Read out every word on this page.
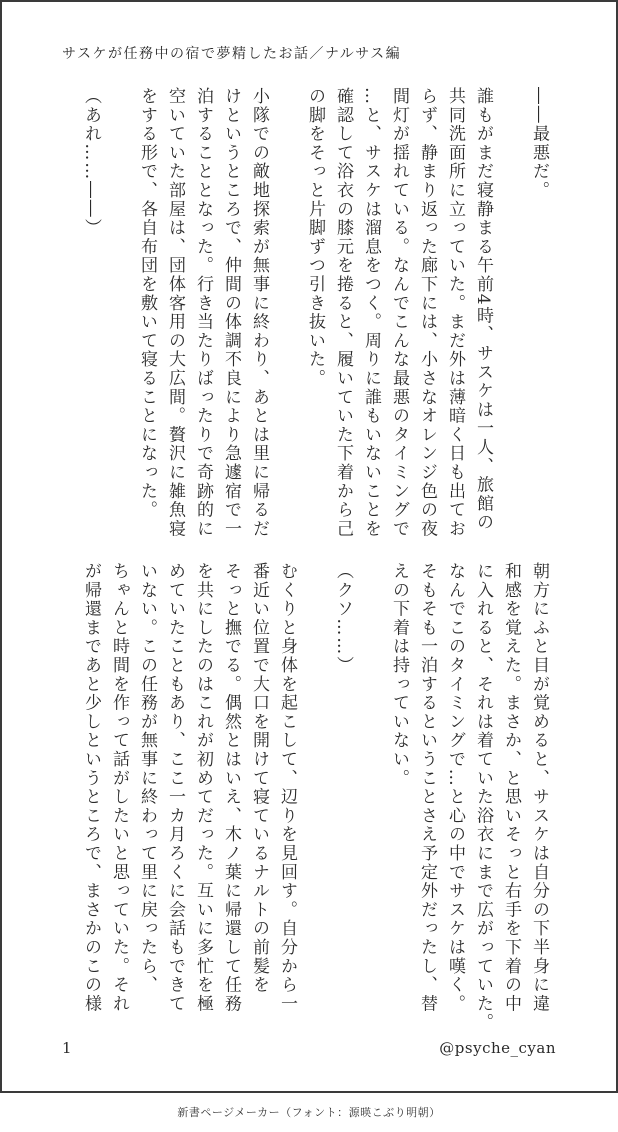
サスケが任務中の宿で夢精したお話／ナルサス編
――最悪だ。

誰もがまだ寝静まる午前4時、サスケは一人、旅館の
共同洗面所に立っていた。まだ外は薄暗く日も出てお
らず、静まり返った廊下には、小さなオレンジ色の夜
間灯が揺れている。なんでこんな最悪のタイミングで
…と、サスケは溜息をつく。周りに誰もいないことを
確認して浴衣の膝元を捲ると、履いていた下着から己
の脚をそっと片脚ずつ引き抜いた。

小隊での敵地探索が無事に終わり、あとは里に帰るだ
けというところで、仲間の体調不良により急遽宿で一
泊することとなった。行き当たりばったりで奇跡的に
空いていた部屋は、団体客用の大広間。贅沢に雑魚寝
をする形で、各自布団を敷いて寝ることになった。

（あれ……――）
朝方にふと目が覚めると、サスケは自分の下半身に違
和感を覚えた。まさか、と思いそっと右手を下着の中
に入れると、それは着ていた浴衣にまで広がっていた。
なんでこのタイミングで…と心の中でサスケは嘆く。
そもそも一泊するということさえ予定外だったし、替
えの下着は持っていない。

（クソ……）

むくりと身体を起こして、辺りを見回す。自分から一
番近い位置で大口を開けて寝ているナルトの前髪を
そっと撫でる。偶然とはいえ、木ノ葉に帰還して任務
を共にしたのはこれが初めてだった。互いに多忙を極
めていたこともあり、ここ一カ月ろくに会話もできて
いない。この任務が無事に終わって里に戻ったら、
ちゃんと時間を作って話がしたいと思っていた。それ
が帰還まであと少しというところで、まさかのこの様
1	@psyche_cyan
新書ページメーカー（フォント：源暎こぶり明朝）
